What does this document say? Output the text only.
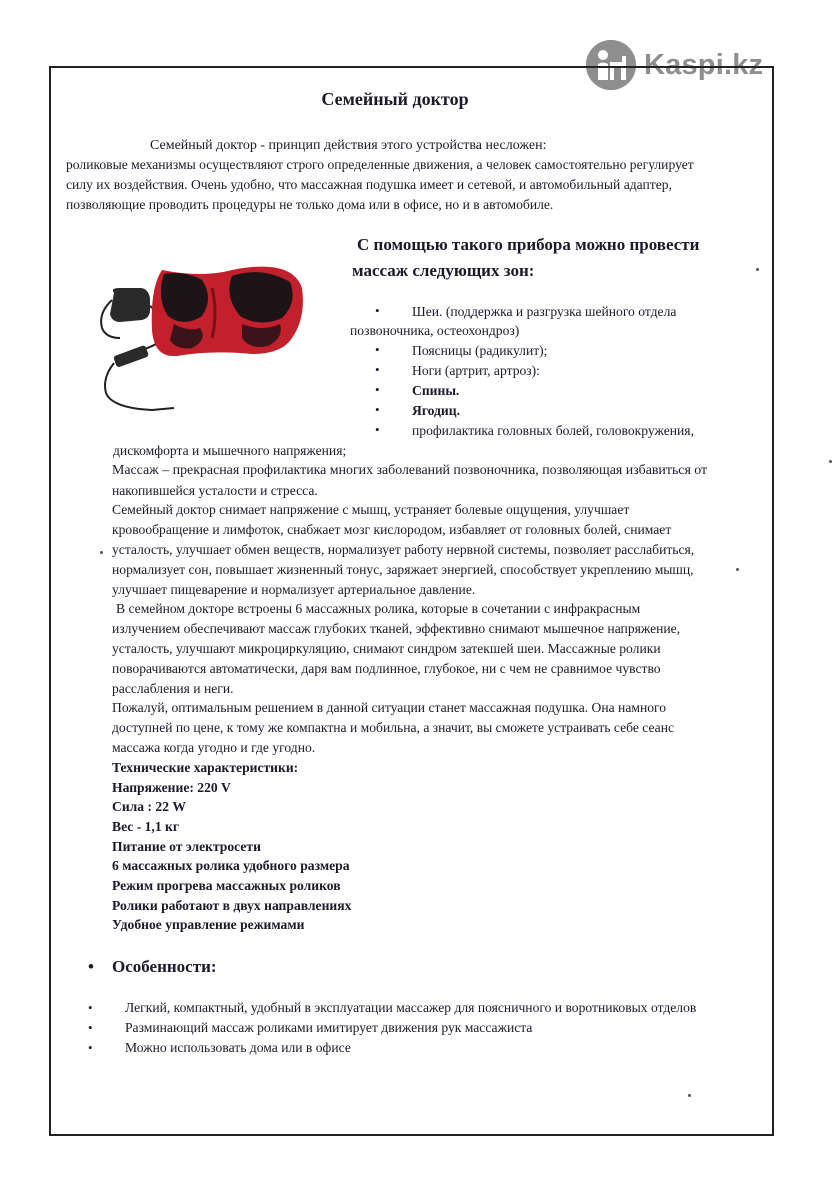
Kaspi.kz
Семейный доктор
Семейный доктор - принцип действия этого устройства несложен:
роликовые механизмы осуществляют строго определенные движения, а человек самостоятельно регулирует
силу их воздействия. Очень удобно, что массажная подушка имеет и сетевой, и автомобильный адаптер,
позволяющие проводить процедуры не только дома или в офисе, но и в автомобиле.
С помощью такого прибора можно провести
массаж следующих зон:
• Шеи. (поддержка и разгрузка шейного отдела
позвоночника, остеохондроз)
• Поясницы (радикулит);
• Ноги (артрит, артроз):
• Спины.
• Ягодиц.
• профилактика головных болей, головокружения,
дискомфорта и мышечного напряжения;
Массаж – прекрасная профилактика многих заболеваний позвоночника, позволяющая избавиться от
накопившейся усталости и стресса.
Семейный доктор снимает напряжение с мышц, устраняет болевые ощущения, улучшает
кровообращение и лимфоток, снабжает мозг кислородом, избавляет от головных болей, снимает
усталость, улучшает обмен веществ, нормализует работу нервной системы, позволяет расслабиться,
нормализует сон, повышает жизненный тонус, заряжает энергией, способствует укреплению мышц,
улучшает пищеварение и нормализует артериальное давление.
В семейном докторе встроены 6 массажных ролика, которые в сочетании с инфракрасным
излучением обеспечивают массаж глубоких тканей, эффективно снимают мышечное напряжение,
усталость, улучшают микроциркуляцию, снимают синдром затекшей шеи. Массажные ролики
поворачиваются автоматически, даря вам подлинное, глубокое, ни с чем не сравнимое чувство
расслабления и неги.
Пожалуй, оптимальным решением в данной ситуации станет массажная подушка. Она намного
доступней по цене, к тому же компактна и мобильна, а значит, вы сможете устраивать себе сеанс
массажа когда угодно и где угодно.
Технические характеристики:
Напряжение: 220 V
Сила : 22 W
Вес - 1,1 кг
Питание от электросети
6 массажных ролика удобного размера
Режим прогрева массажных роликов
Ролики работают в двух направлениях
Удобное управление режимами
• Особенности:
• Легкий, компактный, удобный в эксплуатации массажер для поясничного и воротниковых отделов
• Разминающий массаж роликами имитирует движения рук массажиста
• Можно использовать дома или в офисе
